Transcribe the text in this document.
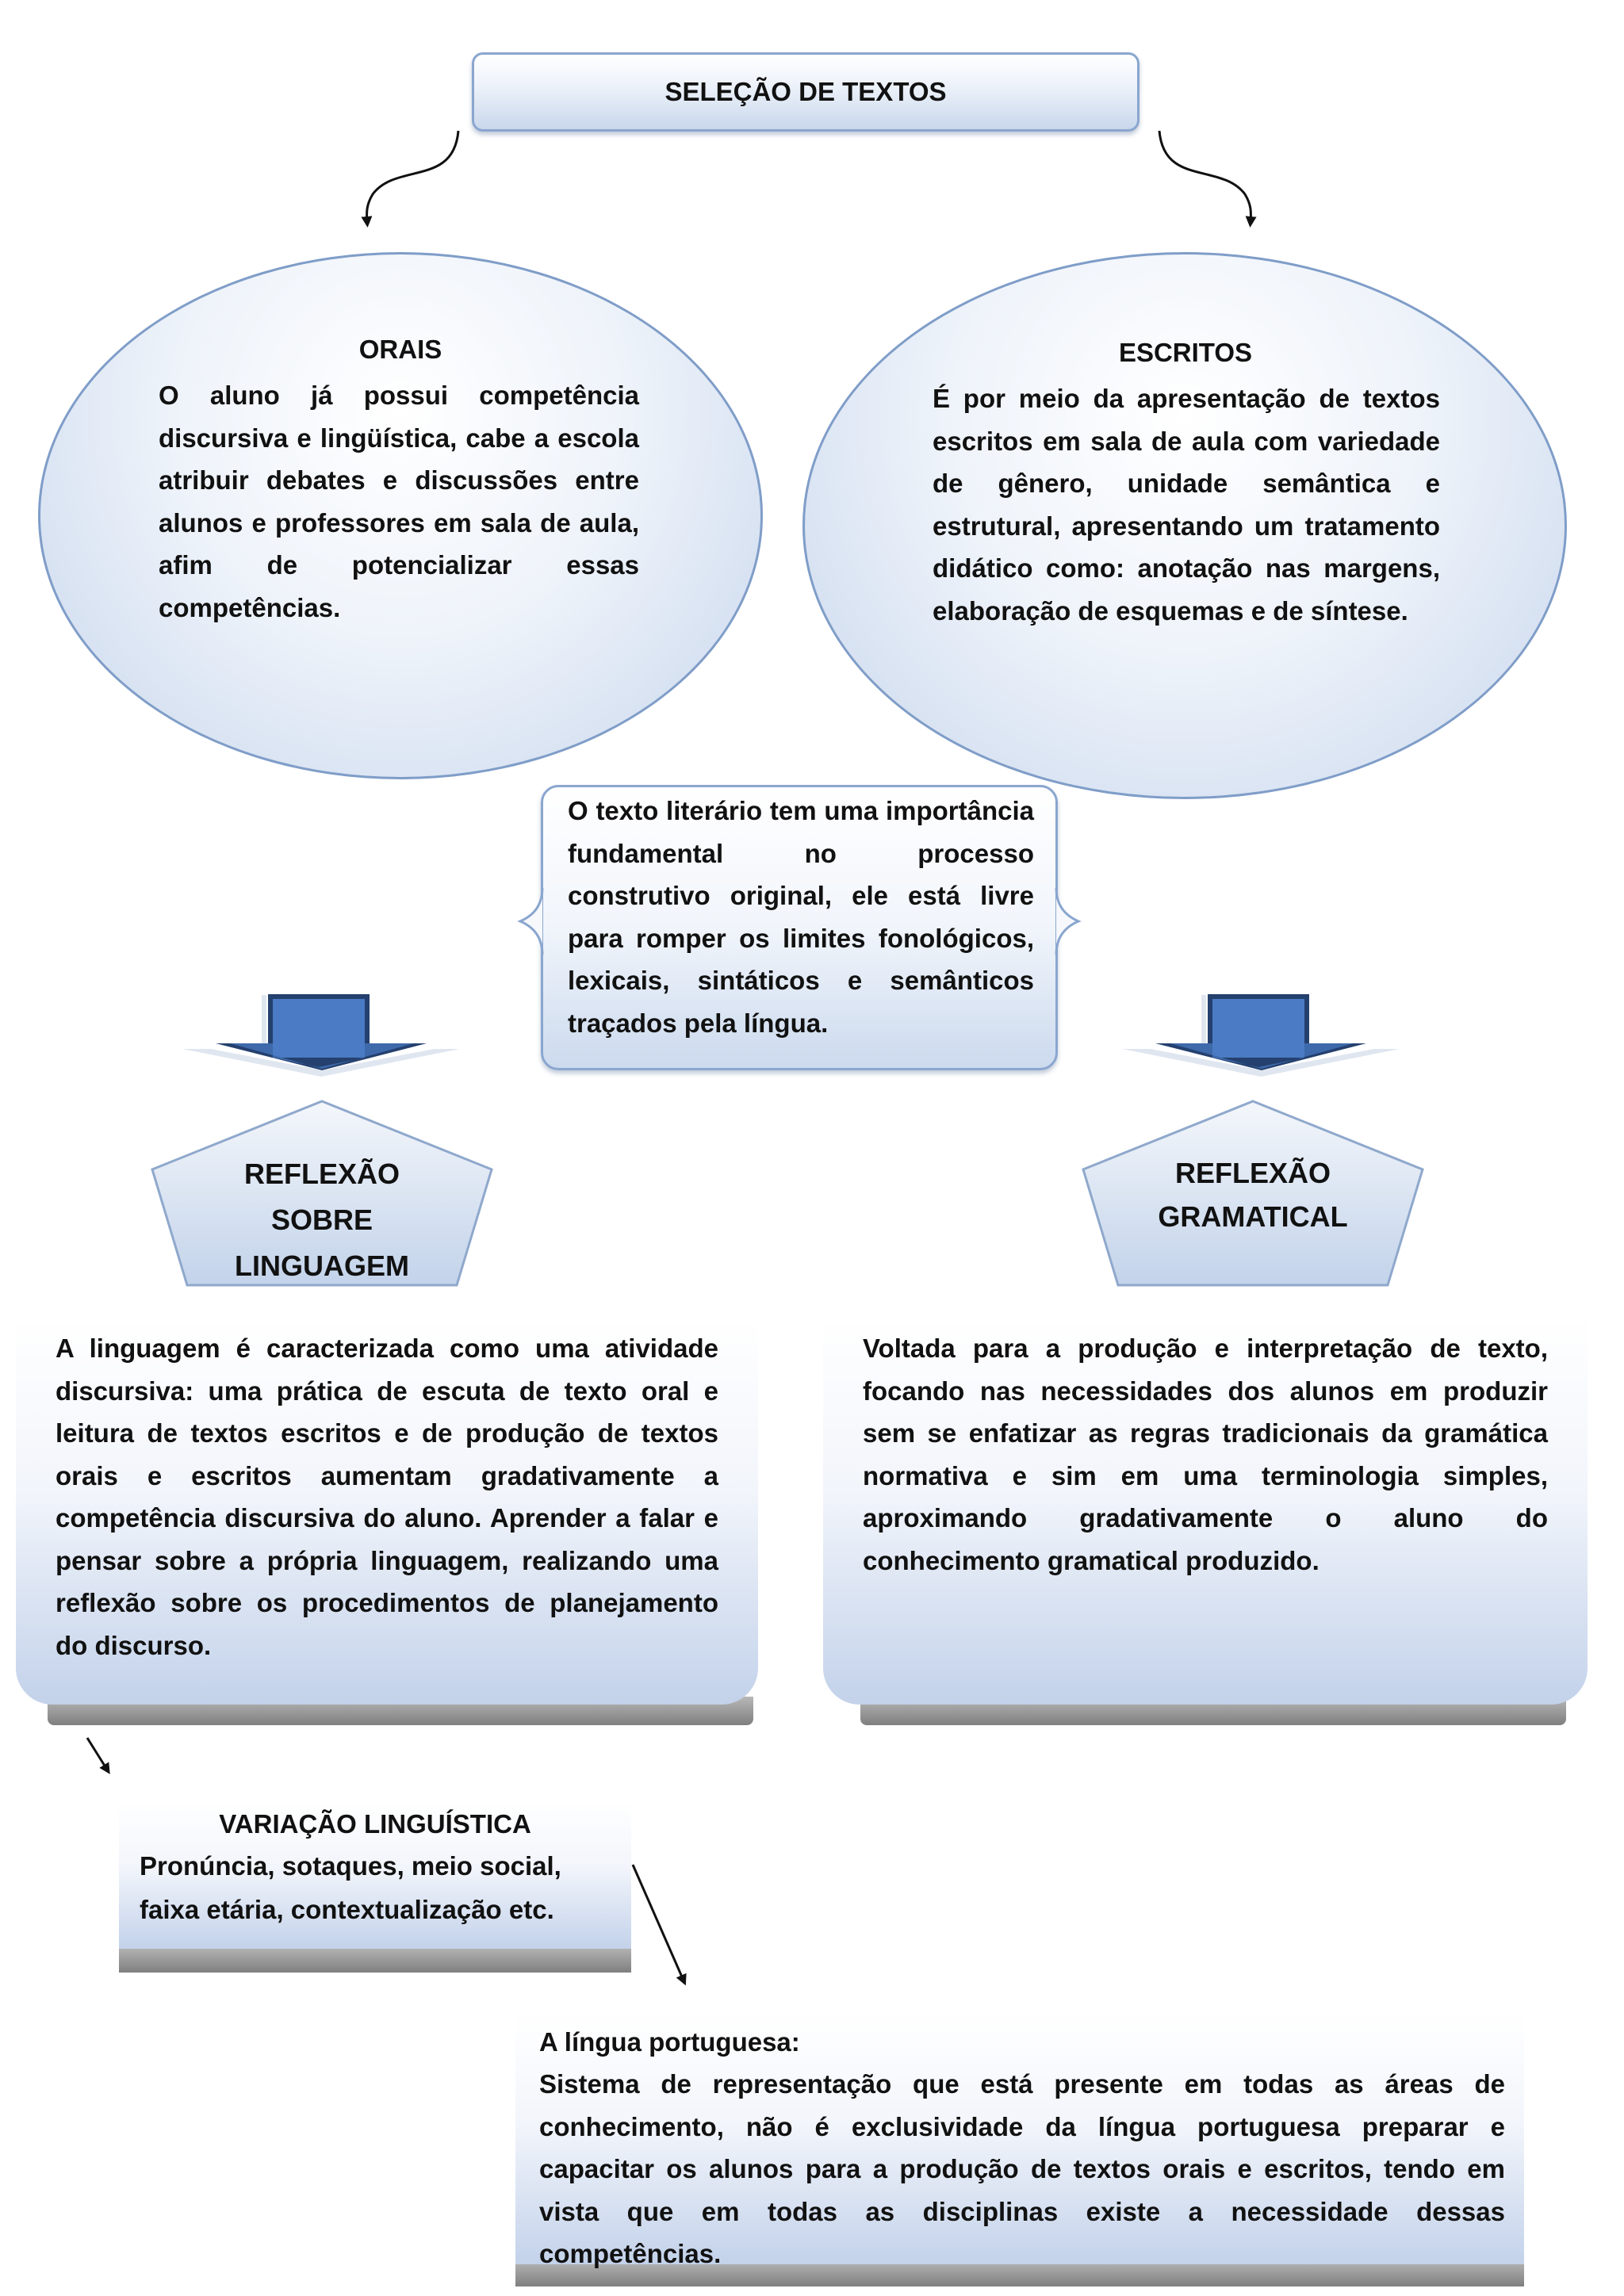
SELEÇÃO DE TEXTOS
ORAIS
O aluno já possui competência discursiva e lingüística, cabe a escola atribuir debates e discussões entre alunos e professores em sala de aula, afim de potencializar essas competências.
ESCRITOS
É por meio da apresentação de textos escritos em sala de aula com variedade de gênero, unidade semântica e estrutural, apresentando um tratamento didático como: anotação nas margens, elaboração de esquemas e de síntese.
O texto literário tem uma importância fundamental no processo construtivo original, ele está livre para romper os limites fonológicos, lexicais, sintáticos e semânticos traçados pela língua.
REFLEXÃO
SOBRE
LINGUAGEM
REFLEXÃO
GRAMATICAL
A linguagem é caracterizada como uma atividade discursiva: uma prática de escuta de texto oral e leitura de textos escritos e de produção de textos orais e escritos aumentam gradativamente a competência discursiva do aluno. Aprender a falar e pensar sobre a própria linguagem, realizando uma reflexão sobre os procedimentos de planejamento do discurso.
Voltada para a produção e interpretação de texto, focando nas necessidades dos alunos em produzir sem se enfatizar as regras tradicionais da gramática normativa e sim em uma terminologia simples, aproximando gradativamente o aluno do conhecimento gramatical produzido.
VARIAÇÃO LINGUÍSTICA
Pronúncia, sotaques, meio social,
faixa etária, contextualização etc.
A língua portuguesa:
Sistema de representação que está presente em todas as áreas de conhecimento, não é exclusividade da língua portuguesa preparar e capacitar os alunos para a produção de textos orais e escritos, tendo em vista que em todas as disciplinas existe a necessidade dessas competências.
